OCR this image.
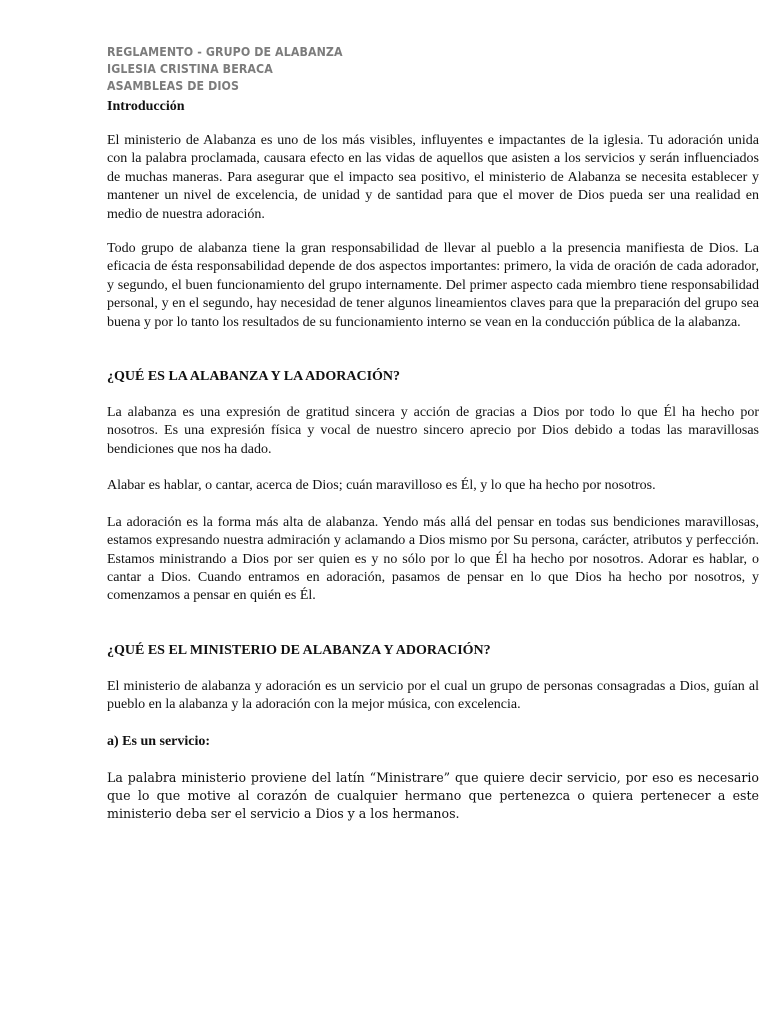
REGLAMENTO - GRUPO DE ALABANZA
IGLESIA CRISTINA BERACA
ASAMBLEAS DE DIOS
Introducción

El ministerio de Alabanza es uno de los más visibles, influyentes e impactantes de la iglesia. Tu adoración unida con la palabra proclamada, causara efecto en las vidas de aquellos que asisten a los servicios y serán influenciados de muchas maneras. Para asegurar que el impacto sea positivo, el ministerio de Alabanza se necesita establecer y mantener un nivel de excelencia, de unidad y de santidad para que el mover de Dios pueda ser una realidad en medio de nuestra adoración.

Todo grupo de alabanza tiene la gran responsabilidad de llevar al pueblo a la presencia manifiesta de Dios. La eficacia de ésta responsabilidad depende de dos aspectos importantes: primero, la vida de oración de cada adorador, y segundo, el buen funcionamiento del grupo internamente. Del primer aspecto cada miembro tiene responsabilidad personal, y en el segundo, hay necesidad de tener algunos lineamientos claves para que la preparación del grupo sea buena y por lo tanto los resultados de su funcionamiento interno se vean en la conducción pública de la alabanza.

¿QUÉ ES LA ALABANZA Y LA ADORACIÓN?

La alabanza es una expresión de gratitud sincera y acción de gracias a Dios por todo lo que Él ha hecho por nosotros. Es una expresión física y vocal de nuestro sincero aprecio por Dios debido a todas las maravillosas bendiciones que nos ha dado.

Alabar es hablar, o cantar, acerca de Dios; cuán maravilloso es Él, y lo que ha hecho por nosotros.

La adoración es la forma más alta de alabanza. Yendo más allá del pensar en todas sus bendiciones maravillosas, estamos expresando nuestra admiración y aclamando a Dios mismo por Su persona, carácter, atributos y perfección. Estamos ministrando a Dios por ser quien es y no sólo por lo que Él ha hecho por nosotros. Adorar es hablar, o cantar a Dios. Cuando entramos en adoración, pasamos de pensar en lo que Dios ha hecho por nosotros, y comenzamos a pensar en quién es Él.

¿QUÉ ES EL MINISTERIO DE ALABANZA Y ADORACIÓN?

El ministerio de alabanza y adoración es un servicio por el cual un grupo de personas consagradas a Dios, guían al pueblo en la alabanza y la adoración con la mejor música, con excelencia.

a) Es un servicio:

La palabra ministerio proviene del latín “Ministrare” que quiere decir servicio, por eso es necesario que lo que motive al corazón de cualquier hermano que pertenezca o quiera pertenecer a este ministerio deba ser el servicio a Dios y a los hermanos.
